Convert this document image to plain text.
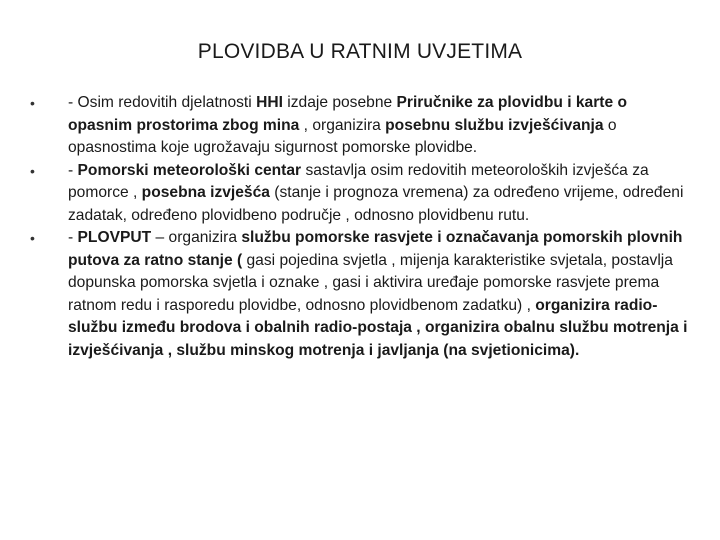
PLOVIDBA U RATNIM UVJETIMA
•	- Osim redovitih djelatnosti HHI izdaje posebne Priručnike za plovidbu i karte o opasnim prostorima zbog mina , organizira posebnu službu izvješćivanja o opasnostima koje ugrožavaju sigurnost pomorske plovidbe.
•	- Pomorski meteorološki centar sastavlja osim redovitih meteoroloških izvješća za pomorce , posebna izvješća (stanje i prognoza vremena) za određeno vrijeme, određeni zadatak, određeno plovidbeno područje , odnosno plovidbenu rutu.
•	- PLOVPUT – organizira službu pomorske rasvjete i označavanja pomorskih plovnih putova za ratno stanje ( gasi pojedina svjetla , mijenja karakteristike svjetala, postavlja dopunska pomorska svjetla i oznake , gasi i aktivira uređaje pomorske rasvjete prema ratnom redu i rasporedu plovidbe, odnosno plovidbenom zadatku) , organizira radio-službu između brodova i obalnih radio-postaja , organizira obalnu službu motrenja i izvješćivanja , službu minskog motrenja i javljanja (na svjetionicima).
